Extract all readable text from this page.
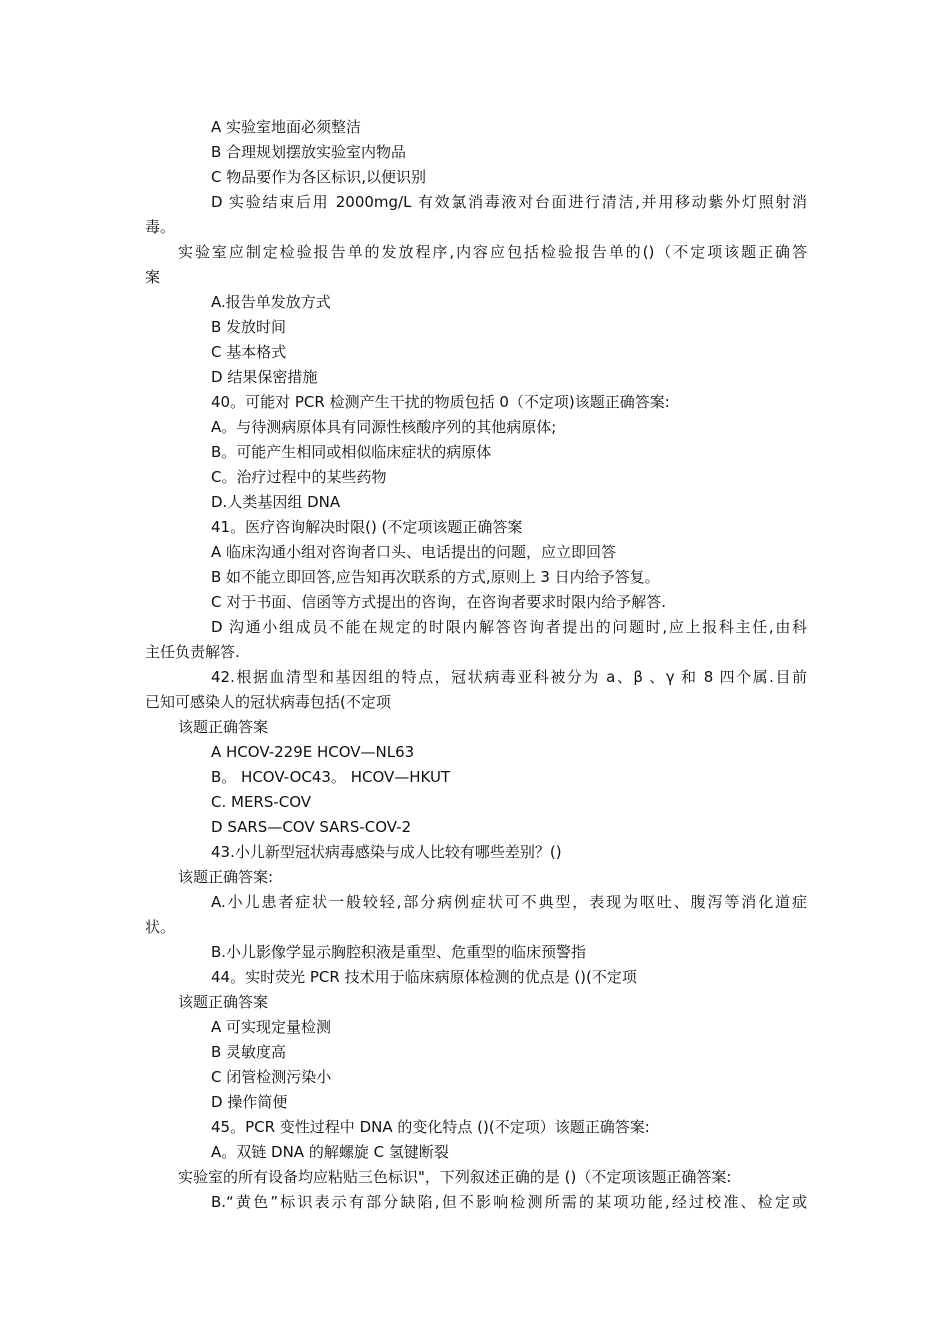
A 实验室地面必须整洁
B 合理规划摆放实验室内物品
C 物品要作为各区标识,以便识别
D 实验结束后用 2000mg/L 有效氯消毒液对台面进行清洁,并用移动紫外灯照射消
毒。
实验室应制定检验报告单的发放程序,内容应包括检验报告单的()（不定项该题正确答
案
A.报告单发放方式
B 发放时间
C 基本格式
D 结果保密措施
40。可能对 PCR 检测产生干扰的物质包括 0（不定项)该题正确答案:
A。与待测病原体具有同源性核酸序列的其他病原体;
B。可能产生相同或相似临床症状的病原体
C。治疗过程中的某些药物
D.人类基因组 DNA
41。医疗咨询解决时限() (不定项该题正确答案
A 临床沟通小组对咨询者口头、电话提出的问题，应立即回答
B 如不能立即回答,应告知再次联系的方式,原则上 3 日内给予答复。
C 对于书面、信函等方式提出的咨询，在咨询者要求时限内给予解答.
D 沟通小组成员不能在规定的时限内解答咨询者提出的问题时,应上报科主任,由科
主任负责解答.
42.根据血清型和基因组的特点，冠状病毒亚科被分为 a、β 、γ 和 8 四个属.目前
已知可感染人的冠状病毒包括(不定项
该题正确答案
A HCOV-229E HCOV—NL63
B。 HCOV-OC43。 HCOV—HKUT
C. MERS-COV
D SARS—COV SARS-COV-2
43.小儿新型冠状病毒感染与成人比较有哪些差别？()
该题正确答案:
A.小儿患者症状一般较轻,部分病例症状可不典型，表现为呕吐、腹泻等消化道症
状。
B.小儿影像学显示胸腔积液是重型、危重型的临床预警指
44。实时荧光 PCR 技术用于临床病原体检测的优点是 ()(不定项
该题正确答案
A 可实现定量检测
B 灵敏度高
C 闭管检测污染小
D 操作简便
45。PCR 变性过程中 DNA 的变化特点 ()(不定项）该题正确答案:
A。双链 DNA 的解螺旋 C 氢键断裂
实验室的所有设备均应粘贴三色标识"，下列叙述正确的是 ()（不定项该题正确答案:
B.“黄色”标识表示有部分缺陷,但不影响检测所需的某项功能,经过校准、检定或
